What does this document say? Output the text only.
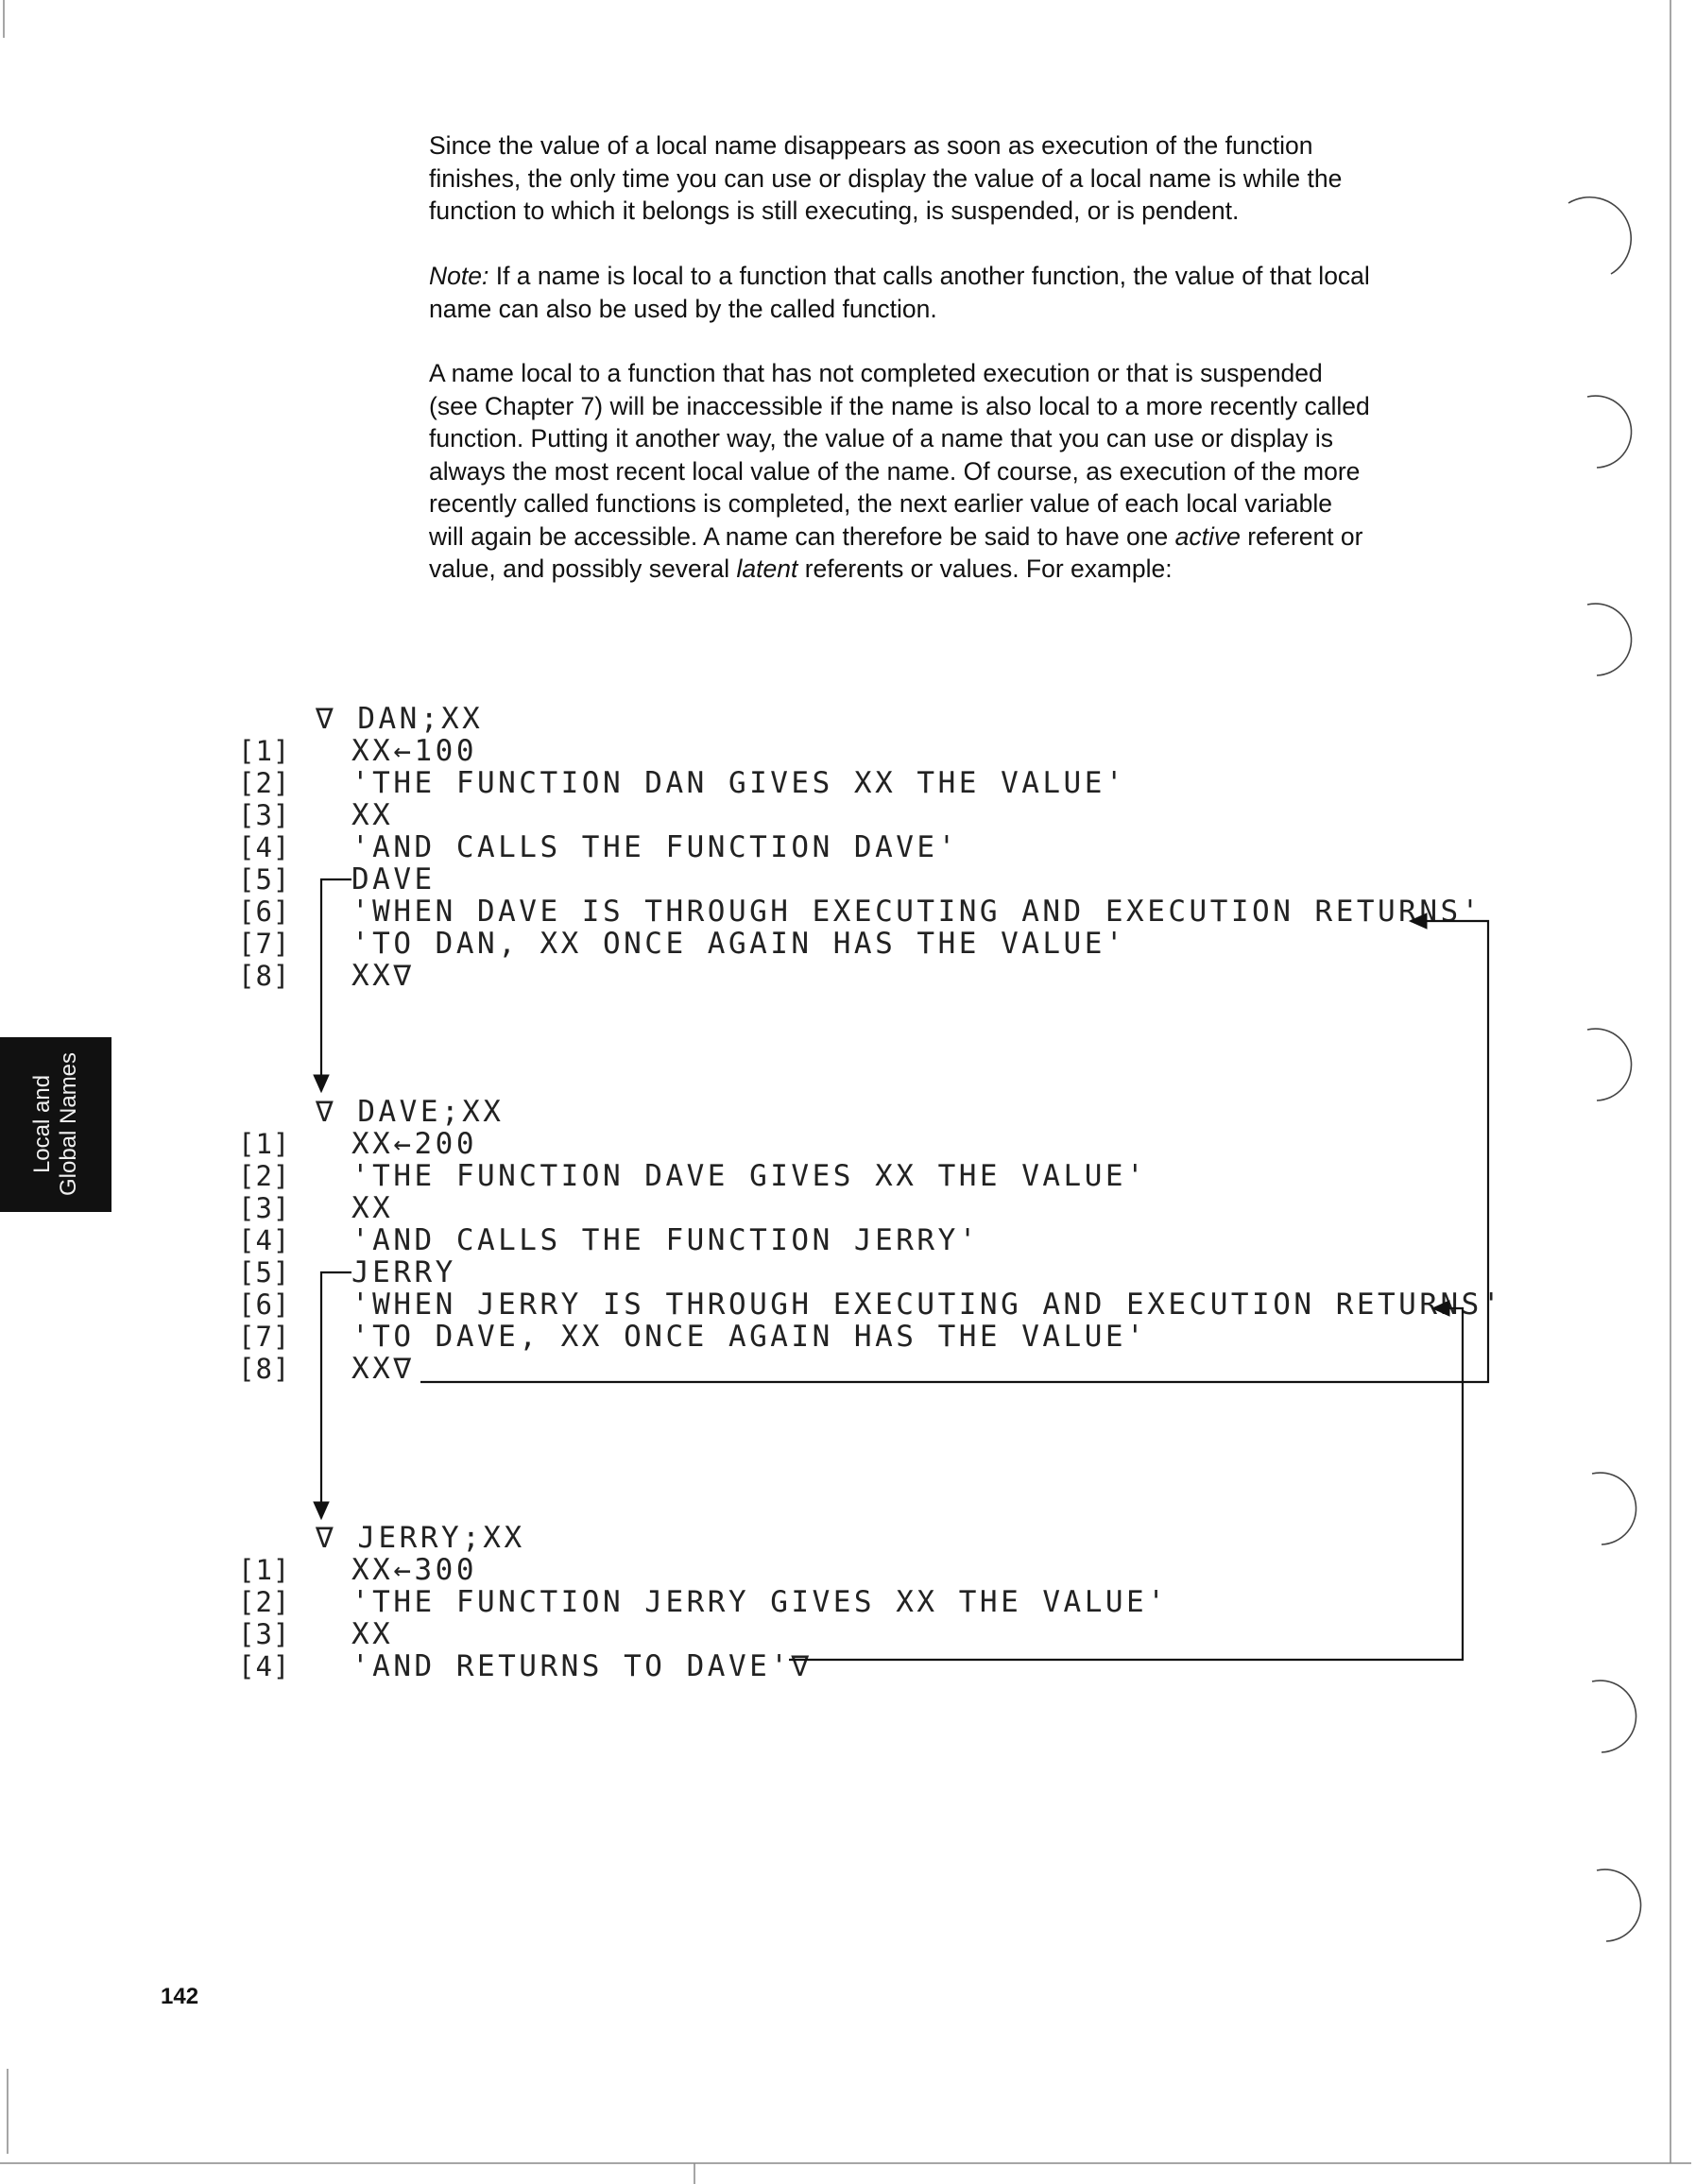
Since the value of a local name disappears as soon as execution of the function finishes, the only time you can use or display the value of a local name is while the function to which it belongs is still executing, is suspended, or is pendent.

Note: If a name is local to a function that calls another function, the value of that local name can also be used by the called function.

A name local to a function that has not completed execution or that is suspended (see Chapter 7) will be inaccessible if the name is also local to a more recently called function. Putting it another way, the value of a name that you can use or display is always the most recent local value of the name. Of course, as execution of the more recently called functions is completed, the next earlier value of each local variable will again be accessible. A name can therefore be said to have one active referent or value, and possibly several latent referents or values. For example:

∇ DAN;XX
[1] XX←100
[2] 'THE FUNCTION DAN GIVES XX THE VALUE'
[3] XX
[4] 'AND CALLS THE FUNCTION DAVE'
[5] DAVE
[6] 'WHEN DAVE IS THROUGH EXECUTING AND EXECUTION RETURNS'
[7] 'TO DAN, XX ONCE AGAIN HAS THE VALUE'
[8] XX∇
∇ DAVE;XX
[1] XX←200
[2] 'THE FUNCTION DAVE GIVES XX THE VALUE'
[3] XX
[4] 'AND CALLS THE FUNCTION JERRY'
[5] JERRY
[6] 'WHEN JERRY IS THROUGH EXECUTING AND EXECUTION RETURNS'
[7] 'TO DAVE, XX ONCE AGAIN HAS THE VALUE'
[8] XX∇
∇ JERRY;XX
[1] XX←300
[2] 'THE FUNCTION JERRY GIVES XX THE VALUE'
[3] XX
[4] 'AND RETURNS TO DAVE'∇
Local and Global Names
142
